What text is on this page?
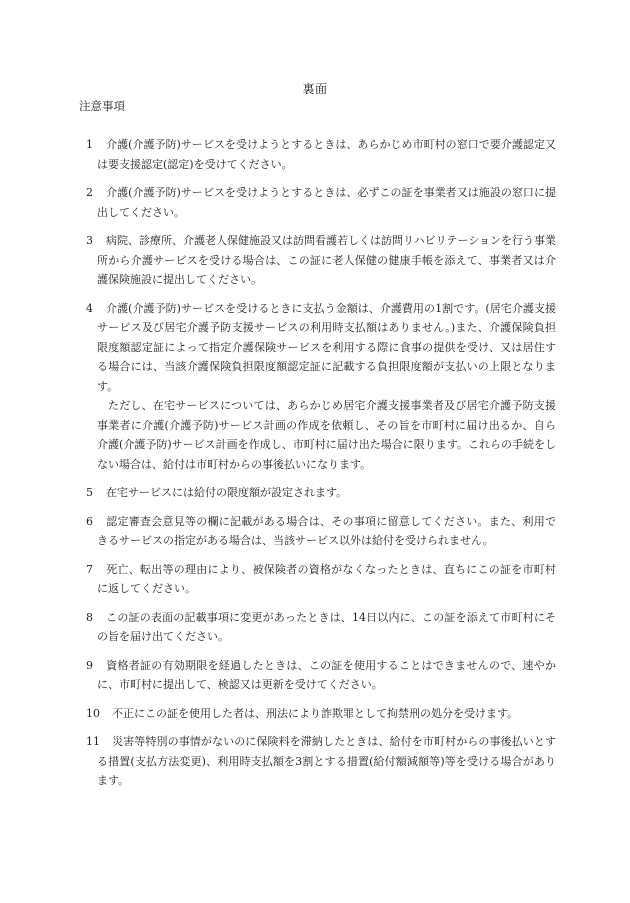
裏面
注意事項
1 介護(介護予防)サービスを受けようとするときは、あらかじめ市町村の窓口で要介護認定又は要支援認定(認定)を受けてください。
2 介護(介護予防)サービスを受けようとするときは、必ずこの証を事業者又は施設の窓口に提出してください。
3 病院、診療所、介護老人保健施設又は訪問看護若しくは訪問リハビリテーションを行う事業所から介護サービスを受ける場合は、この証に老人保健の健康手帳を添えて、事業者又は介護保険施設に提出してください。
4 介護(介護予防)サービスを受けるときに支払う金額は、介護費用の1割です。(居宅介護支援サービス及び居宅介護予防支援サービスの利用時支払額はありません。)また、介護保険負担限度額認定証によって指定介護保険サービスを利用する際に食事の提供を受け、又は居住する場合には、当該介護保険負担限度額認定証に記載する負担限度額が支払いの上限となります。
ただし、在宅サービスについては、あらかじめ居宅介護支援事業者及び居宅介護予防支援事業者に介護(介護予防)サービス計画の作成を依頼し、その旨を市町村に届け出るか、自ら介護(介護予防)サービス計画を作成し、市町村に届け出た場合に限ります。これらの手続をしない場合は、給付は市町村からの事後払いになります。
5 在宅サービスには給付の限度額が設定されます。
6 認定審査会意見等の欄に記載がある場合は、その事項に留意してください。また、利用できるサービスの指定がある場合は、当該サービス以外は給付を受けられません。
7 死亡、転出等の理由により、被保険者の資格がなくなったときは、直ちにこの証を市町村に返してください。
8 この証の表面の記載事項に変更があったときは、14日以内に、この証を添えて市町村にその旨を届け出てください。
9 資格者証の有効期限を経過したときは、この証を使用することはできませんので、速やかに、市町村に提出して、検認又は更新を受けてください。
10 不正にこの証を使用した者は、刑法により詐欺罪として拘禁刑の処分を受けます。
11 災害等特別の事情がないのに保険料を滞納したときは、給付を市町村からの事後払いとする措置(支払方法変更)、利用時支払額を3割とする措置(給付額減額等)等を受ける場合があります。
